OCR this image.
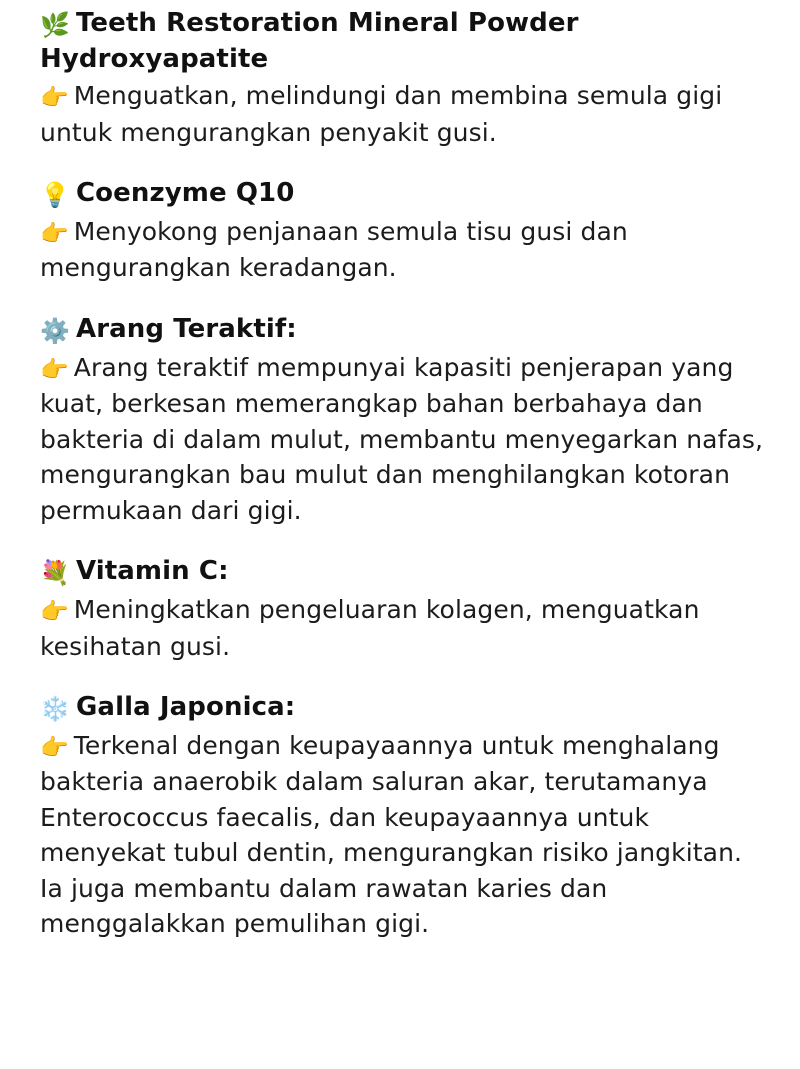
🌿 Teeth Restoration Mineral Powder Hydroxyapatite

👉 Menguatkan, melindungi dan membina semula gigi untuk mengurangkan penyakit gusi.

💡 Coenzyme Q10

👉 Menyokong penjanaan semula tisu gusi dan mengurangkan keradangan.

⚙️ Arang Teraktif:

👉 Arang teraktif mempunyai kapasiti penjerapan yang kuat, berkesan memerangkap bahan berbahaya dan bakteria di dalam mulut, membantu menyegarkan nafas, mengurangkan bau mulut dan menghilangkan kotoran permukaan dari gigi.

💐 Vitamin C:

👉 Meningkatkan pengeluaran kolagen, menguatkan kesihatan gusi.

❄️ Galla Japonica:

👉 Terkenal dengan keupayaannya untuk menghalang bakteria anaerobik dalam saluran akar, terutamanya Enterococcus faecalis, dan keupayaannya untuk menyekat tubul dentin, mengurangkan risiko jangkitan. Ia juga membantu dalam rawatan karies dan menggalakkan pemulihan gigi.
